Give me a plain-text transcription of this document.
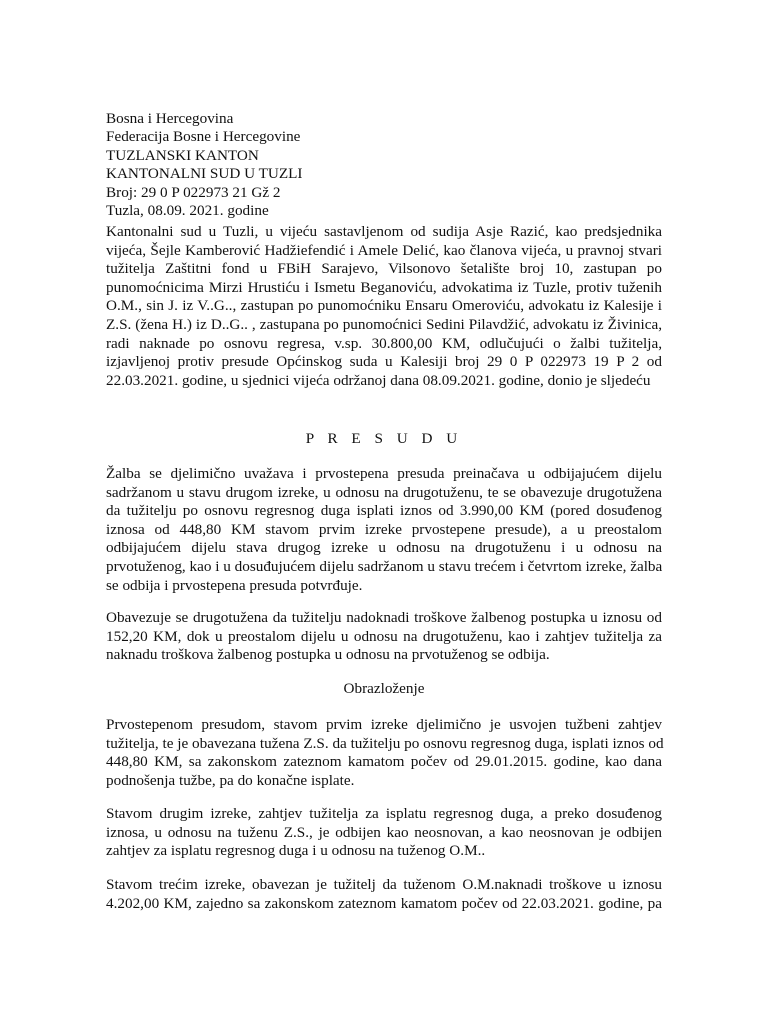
Bosna i Hercegovina
Federacija Bosne i Hercegovine
TUZLANSKI KANTON
KANTONALNI SUD U TUZLI
Broj: 29 0 P 022973 21 Gž 2
Tuzla, 08.09. 2021. godine
Kantonalni sud u Tuzli, u vijeću sastavljenom od sudija Asje Razić, kao predsjednika
vijeća, Šejle Kamberović Hadžiefendić i Amele Delić, kao članova vijeća, u pravnoj stvari
tužitelja Zaštitni fond u FBiH Sarajevo, Vilsonovo šetalište broj 10, zastupan po
punomoćnicima Mirzi Hrustiću i Ismetu Beganoviću, advokatima iz Tuzle, protiv tuženih
O.M., sin J. iz V..G.., zastupan po punomoćniku Ensaru Omeroviću, advokatu iz Kalesije i
Z.S. (žena H.) iz D..G.. , zastupana po punomoćnici Sedini Pilavdžić, advokatu iz Živinica,
radi naknade po osnovu regresa, v.sp. 30.800,00 KM, odlučujući o žalbi tužitelja,
izjavljenoj protiv presude Općinskog suda u Kalesiji broj 29 0 P 022973 19 P 2 od
22.03.2021. godine, u sjednici vijeća održanoj dana 08.09.2021. godine, donio je sljedeću
P R E S U D U
Žalba se djelimično uvažava i prvostepena presuda preinačava u odbijajućem dijelu
sadržanom u stavu drugom izreke, u odnosu na drugotuženu, te se obavezuje drugotužena
da tužitelju po osnovu regresnog duga isplati iznos od 3.990,00 KM (pored dosuđenog
iznosa od 448,80 KM stavom prvim izreke prvostepene presude), a u preostalom
odbijajućem dijelu stava drugog izreke u odnosu na drugotuženu i u odnosu na
prvotuženog, kao i u dosuđujućem dijelu sadržanom u stavu trećem i četvrtom izreke, žalba
se odbija i prvostepena presuda potvrđuje.
Obavezuje se drugotužena da tužitelju nadoknadi troškove žalbenog postupka u iznosu od
152,20 KM, dok u preostalom dijelu u odnosu na drugotuženu, kao i zahtjev tužitelja za
naknadu troškova žalbenog postupka u odnosu na prvotuženog se odbija.
Obrazloženje
Prvostepenom presudom, stavom prvim izreke djelimično je usvojen tužbeni zahtjev
tužitelja, te je obavezana tužena Z.S. da tužitelju po osnovu regresnog duga, isplati iznos od
448,80 KM, sa zakonskom zateznom kamatom počev od 29.01.2015. godine, kao dana
podnošenja tužbe, pa do konačne isplate.
Stavom drugim izreke, zahtjev tužitelja za isplatu regresnog duga, a preko dosuđenog
iznosa, u odnosu na tuženu Z.S., je odbijen kao neosnovan, a kao neosnovan je odbijen
zahtjev za isplatu regresnog duga i u odnosu na tuženog O.M..
Stavom trećim izreke, obavezan je tužitelj da tuženom O.M.naknadi troškove u iznosu
4.202,00 KM, zajedno sa zakonskom zateznom kamatom počev od 22.03.2021. godine, pa
